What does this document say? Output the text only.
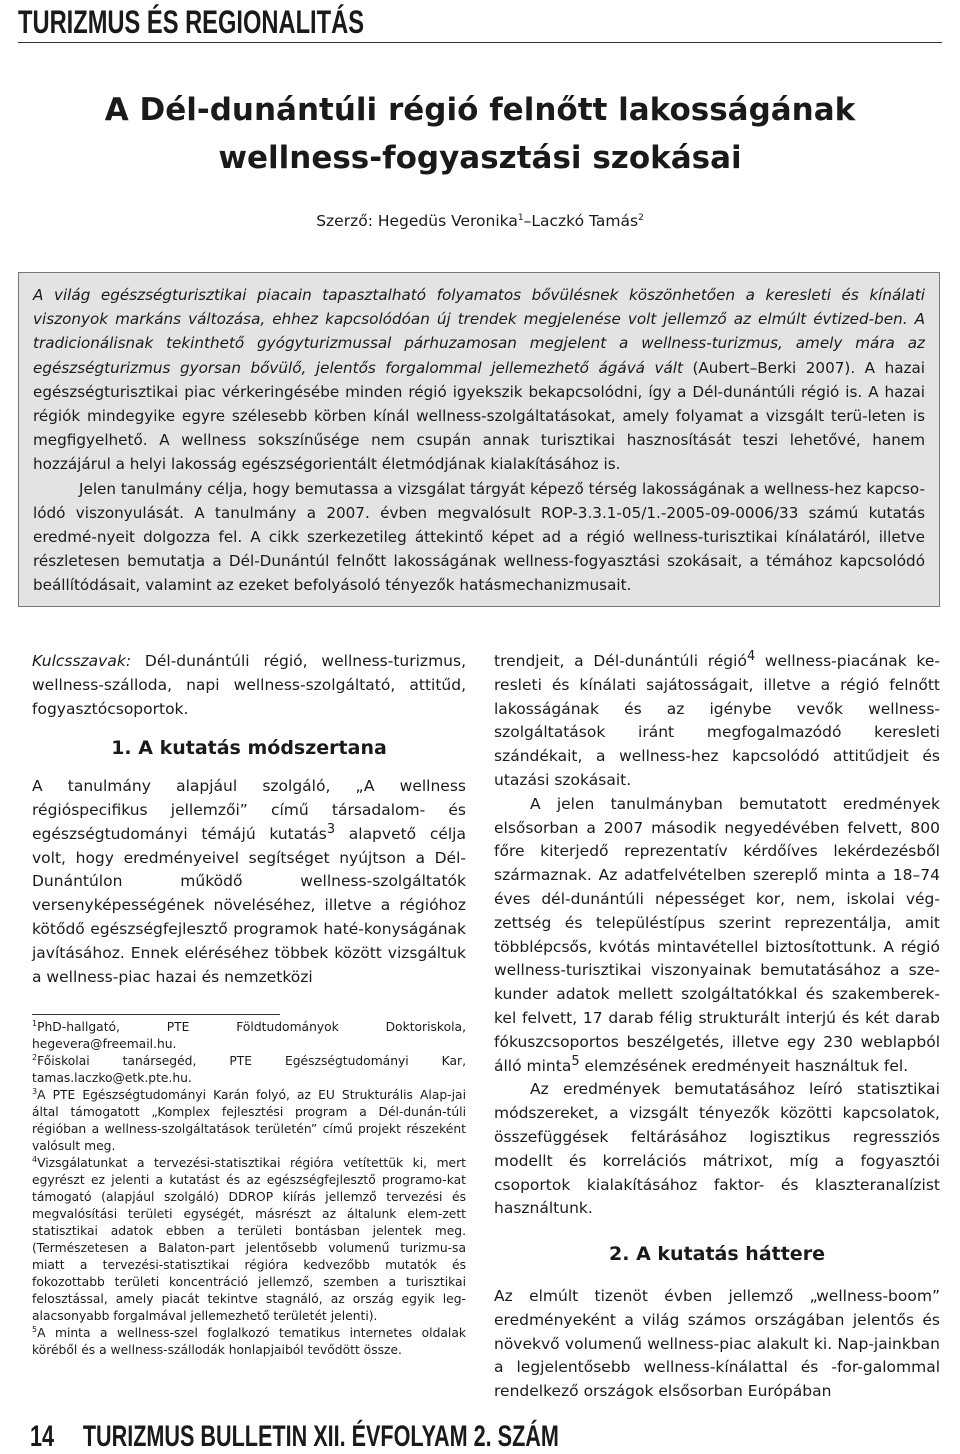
TURIZMUS ÉS REGIONALITÁS
A Dél-dunántúli régió felnőtt lakosságának
wellness-fogyasztási szokásai
Szerző: Hegedüs Veronika$^1$–Laczkó Tamás$^2$

A világ egészségturisztikai piacain tapasztalható folyamatos bővülésnek köszönhetően a keresleti és kínálati viszonyok markáns változása, ehhez kapcsolódóan új trendek megjelenése volt jellemző az elmúlt évtized-ben. A tradicionálisnak tekinthető gyógyturizmussal párhuzamosan megjelent a wellness-turizmus, amely mára az egészségturizmus gyorsan bővülő, jelentős forgalommal jellemezhető ágává vált (Aubert–Berki 2007). A hazai egészségturisztikai piac vérkeringésébe minden régió igyekszik bekapcsolódni, így a Dél-dunántúli régió is. A hazai régiók mindegyike egyre szélesebb körben kínál wellness-szolgáltatásokat, amely folyamat a vizsgált terü-leten is megfigyelhető. A wellness sokszínűsége nem csupán annak turisztikai hasznosítását teszi lehetővé, hanem hozzájárul a helyi lakosság egészségorientált életmódjának kialakításához is.

Jelen tanulmány célja, hogy bemutassa a vizsgálat tárgyát képező térség lakosságának a wellness-hez kapcso-lódó viszonyulását. A tanulmány a 2007. évben megvalósult ROP-3.3.1-05/1.-2005-09-0006/33 számú kutatás eredmé-nyeit dolgozza fel. A cikk szerkezetileg áttekintő képet ad a régió wellness-turisztikai kínálatáról, illetve részletesen bemutatja a Dél-Dunántúl felnőtt lakosságának wellness-fogyasztási szokásait, a témához kapcsolódó beállítódásait, valamint az ezeket befolyásoló tényezők hatásmechanizmusait.

Kulcsszavak: Dél-dunántúli régió, wellness-turizmus, wellness-szálloda, napi wellness-szolgáltató, attitűd, fogyasztócsoportok.

1. A kutatás módszertana

A tanulmány alapjául szolgáló, „A wellness régióspecifikus jellemzői” című társadalom- és egészségtudományi témájú kutatás$^3$ alapvető célja volt, hogy eredményeivel segítséget nyújtson a Dél-Dunántúlon működő wellness-szolgáltatók versenyképességének növeléséhez, illetve a régióhoz kötődő egészségfejlesztő programok haté-konyságának javításához. Ennek eléréséhez többek között vizsgáltuk a wellness-piac hazai és nemzetközi

$^1$PhD-hallgató, PTE Földtudományok Doktoriskola, hegevera@freemail.hu.

$^2$Főiskolai tanársegéd, PTE Egészségtudományi Kar, tamas.laczko@etk.pte.hu.

$^3$A PTE Egészségtudományi Karán folyó, az EU Strukturális Alap-jai által támogatott „Komplex fejlesztési program a Dél-dunán-túli régióban a wellness-szolgáltatások területén” című projekt részeként valósult meg.

$^4$Vizsgálatunkat a tervezési-statisztikai régióra vetítettük ki, mert egyrészt ez jelenti a kutatást és az egészségfejlesztő programo-kat támogató (alapjául szolgáló) DDROP kiírás jellemző tervezési és megvalósítási területi egységét, másrészt az általunk elem-zett statisztikai adatok ebben a területi bontásban jelentek meg. (Természetesen a Balaton-part jelentősebb volumenű turizmu-sa miatt a tervezési-statisztikai régióra kedvezőbb mutatók és fokozottabb területi koncentráció jellemző, szemben a turisztikai felosztással, amely piacát tekintve stagnáló, az ország egyik leg-alacsonyabb forgalmával jellemezhető területét jelenti).

$^5$A minta a wellness-szel foglalkozó tematikus internetes oldalak köréből és a wellness-szállodák honlapjaiból tevődött össze.

trendjeit, a Dél-dunántúli régió$^4$ wellness-piacának ke-resleti és kínálati sajátosságait, illetve a régió felnőtt lakosságának és az igénybe vevők wellness-szolgáltatások iránt megfogalmazódó keresleti szándékait, a wellness-hez kapcsolódó attitűdjeit és utazási szokásait.

A jelen tanulmányban bemutatott eredmények elsősorban a 2007 második negyedévében felvett, 800 főre kiterjedő reprezentatív kérdőíves lekérdezésből származnak. Az adatfelvételben szereplő minta a 18–74 éves dél-dunántúli népességet kor, nem, iskolai vég-zettség és településtípus szerint reprezentálja, amit többlépcsős, kvótás mintavétellel biztosítottunk. A régió wellness-turisztikai viszonyainak bemutatásához a sze-kunder adatok mellett szolgáltatókkal és szakemberek-kel felvett, 17 darab félig strukturált interjú és két darab fókuszcsoportos beszélgetés, illetve egy 230 weblapból álló minta$^5$ elemzésének eredményeit használtuk fel.

Az eredmények bemutatásához leíró statisztikai módszereket, a vizsgált tényezők közötti kapcsolatok, összefüggések feltárásához logisztikus regressziós modellt és korrelációs mátrixot, míg a fogyasztói csoportok kialakításához faktor- és klaszteranalízist használtunk.

2. A kutatás háttere

Az elmúlt tizenöt évben jellemző „wellness-boom” eredményeként a világ számos országában jelentős és növekvő volumenű wellness-piac alakult ki. Nap-jainkban a legjelentősebb wellness-kínálattal és -for-galommal rendelkező országok elsősorban Európában

14 TURIZMUS BULLETIN XII. ÉVFOLYAM 2. SZÁM
